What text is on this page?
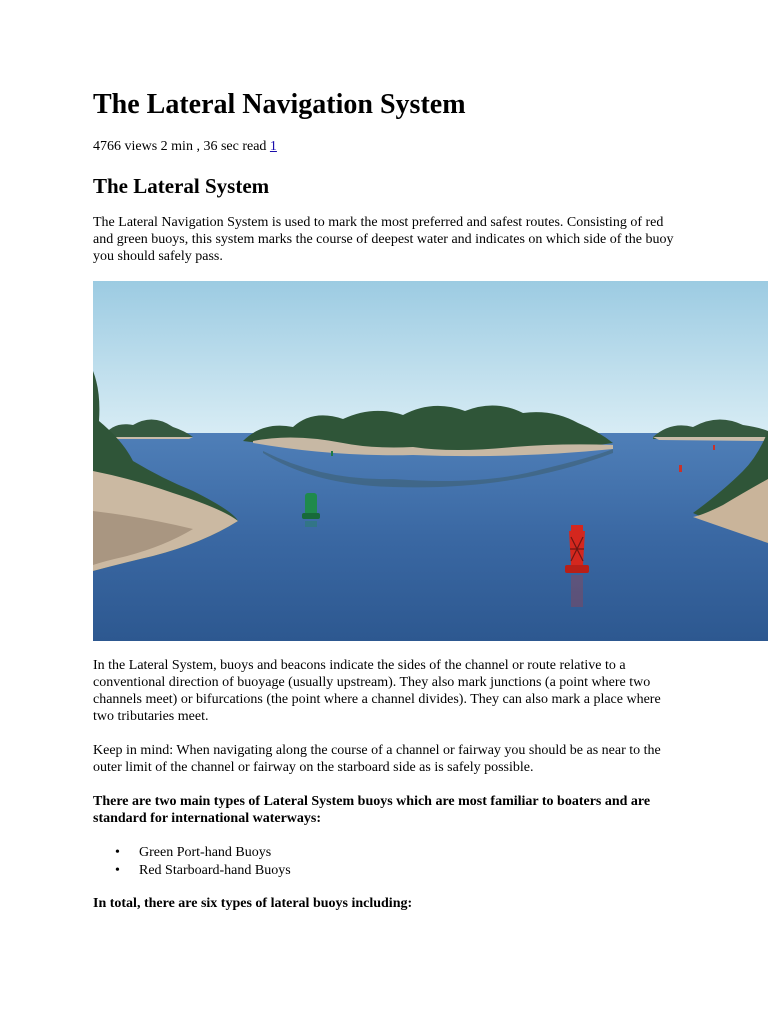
The Lateral Navigation System
4766 views 2 min , 36 sec read 1
The Lateral System

The Lateral Navigation System is used to mark the most preferred and safest routes. Consisting of red and green buoys, this system marks the course of deepest water and indicates on which side of the buoy you should safely pass.

In the Lateral System, buoys and beacons indicate the sides of the channel or route relative to a conventional direction of buoyage (usually upstream). They also mark junctions (a point where two channels meet) or bifurcations (the point where a channel divides). They can also mark a place where two tributaries meet.

Keep in mind: When navigating along the course of a channel or fairway you should be as near to the outer limit of the channel or fairway on the starboard side as is safely possible.

There are two main types of Lateral System buoys which are most familiar to boaters and are standard for international waterways:

• Green Port-hand Buoys
• Red Starboard-hand Buoys

In total, there are six types of lateral buoys including:
